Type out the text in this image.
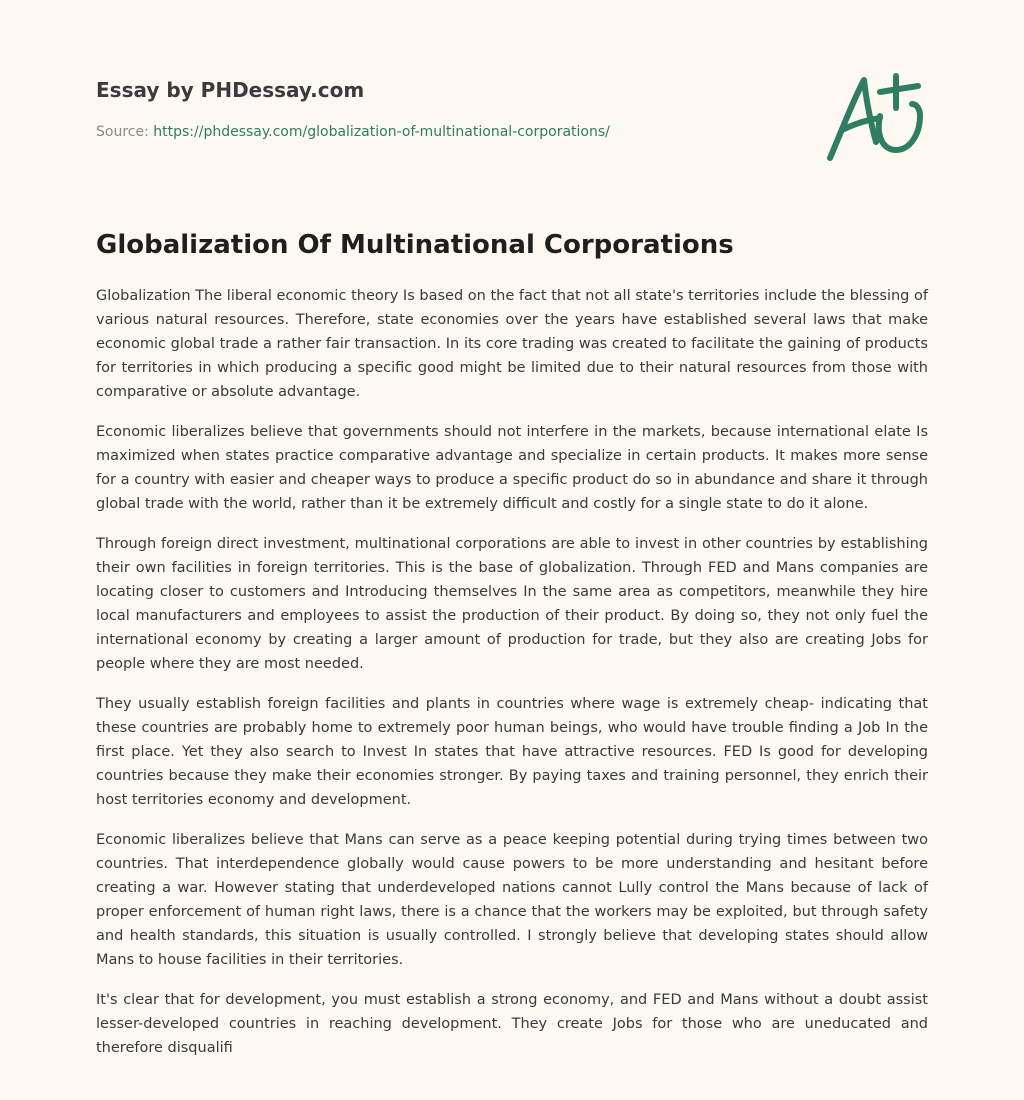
Essay by PHDessay.com
Source: https://phdessay.com/globalization-of-multinational-corporations/
Globalization Of Multinational Corporations

Globalization The liberal economic theory Is based on the fact that not all state's territories include the blessing of various natural resources. Therefore, state economies over the years have established several laws that make economic global trade a rather fair transaction. In its core trading was created to facilitate the gaining of products for territories in which producing a specific good might be limited due to their natural resources from those with comparative or absolute advantage.

Economic liberalizes believe that governments should not interfere in the markets, because international elate Is maximized when states practice comparative advantage and specialize in certain products. It makes more sense for a country with easier and cheaper ways to produce a specific product do so in abundance and share it through global trade with the world, rather than it be extremely difficult and costly for a single state to do it alone.

Through foreign direct investment, multinational corporations are able to invest in other countries by establishing their own facilities in foreign territories. This is the base of globalization. Through FED and Mans companies are locating closer to customers and Introducing themselves In the same area as competitors, meanwhile they hire local manufacturers and employees to assist the production of their product. By doing so, they not only fuel the international economy by creating a larger amount of production for trade, but they also are creating Jobs for people where they are most needed.

They usually establish foreign facilities and plants in countries where wage is extremely cheap- indicating that these countries are probably home to extremely poor human beings, who would have trouble finding a Job In the first place. Yet they also search to Invest In states that have attractive resources. FED Is good for developing countries because they make their economies stronger. By paying taxes and training personnel, they enrich their host territories economy and development.

Economic liberalizes believe that Mans can serve as a peace keeping potential during trying times between two countries. That interdependence globally would cause powers to be more understanding and hesitant before creating a war. However stating that underdeveloped nations cannot Lully control the Mans because of lack of proper enforcement of human right laws, there is a chance that the workers may be exploited, but through safety and health standards, this situation is usually controlled. I strongly believe that developing states should allow Mans to house facilities in their territories.

It's clear that for development, you must establish a strong economy, and FED and Mans without a doubt assist lesser-developed countries in reaching development. They create Jobs for those who are uneducated and therefore disqualifi
